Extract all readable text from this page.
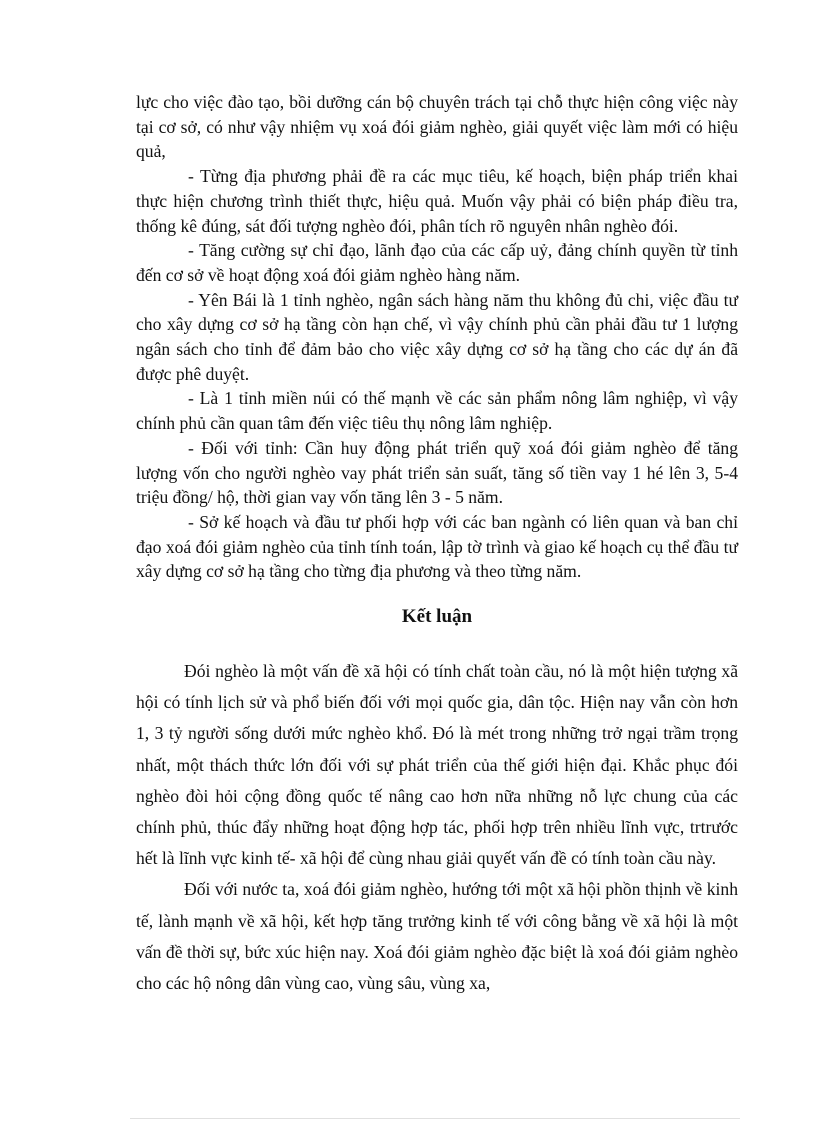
lực cho việc đào tạo, bồi dưỡng cán bộ chuyên trách tại chỗ thực hiện công việc này tại cơ sở, có như vậy nhiệm vụ xoá đói giảm nghèo, giải quyết việc làm mới có hiệu quả,

- Từng địa phương phải đề ra các mục tiêu, kế hoạch, biện pháp triển khai thực hiện chương trình thiết thực, hiệu quả. Muốn vậy phải có biện pháp điều tra, thống kê đúng, sát đối tượng nghèo đói, phân tích rõ nguyên nhân nghèo đói.

- Tăng cường sự chỉ đạo, lãnh đạo của các cấp uỷ, đảng chính quyền từ tỉnh đến cơ sở về hoạt động xoá đói giảm nghèo hàng năm.

- Yên Bái là 1 tỉnh nghèo, ngân sách hàng năm thu không đủ chi, việc đầu tư cho xây dựng cơ sở hạ tầng còn hạn chế, vì vậy chính phủ cần phải đầu tư 1 lượng ngân sách cho tỉnh để đảm bảo cho việc xây dựng cơ sở hạ tầng cho các dự án đã được phê duyệt.

- Là 1 tỉnh miền núi có thế mạnh về các sản phẩm nông lâm nghiệp, vì vậy chính phủ cần quan tâm đến việc tiêu thụ nông lâm nghiệp.

- Đối với tỉnh: Cần huy động phát triển quỹ xoá đói giảm nghèo để tăng lượng vốn cho người nghèo vay phát triển sản suất, tăng số tiền vay 1 hé lên 3, 5-4 triệu đồng/ hộ, thời gian vay vốn tăng lên 3 - 5 năm.

- Sở kế hoạch và đầu tư phối hợp với các ban ngành có liên quan và ban chỉ đạo xoá đói giảm nghèo của tỉnh tính toán, lập tờ trình và giao kế hoạch cụ thể đầu tư xây dựng cơ sở hạ tầng cho từng địa phương và theo từng năm.

Kết luận

Đói nghèo là một vấn đề xã hội có tính chất toàn cầu, nó là một hiện tượng xã hội có tính lịch sử và phổ biến đối với mọi quốc gia, dân tộc. Hiện nay vẫn còn hơn 1, 3 tỷ người sống dưới mức nghèo khổ. Đó là mét trong những trở ngại trầm trọng nhất, một thách thức lớn đối với sự phát triển của thế giới hiện đại. Khắc phục đói nghèo đòi hỏi cộng đồng quốc tế nâng cao hơn nữa những nỗ lực chung của các chính phủ, thúc đẩy những hoạt động hợp tác, phối hợp trên nhiều lĩnh vực, trtrước hết là lĩnh vực kinh tế- xã hội để cùng nhau giải quyết vấn đề có tính toàn cầu này.

Đối với nước ta, xoá đói giảm nghèo, hướng tới một xã hội phồn thịnh về kinh tế, lành mạnh về xã hội, kết hợp tăng trưởng kinh tế với công bằng về xã hội là một vấn đề thời sự, bức xúc hiện nay. Xoá đói giảm nghèo đặc biệt là xoá đói giảm nghèo cho các hộ nông dân vùng cao, vùng sâu, vùng xa,
